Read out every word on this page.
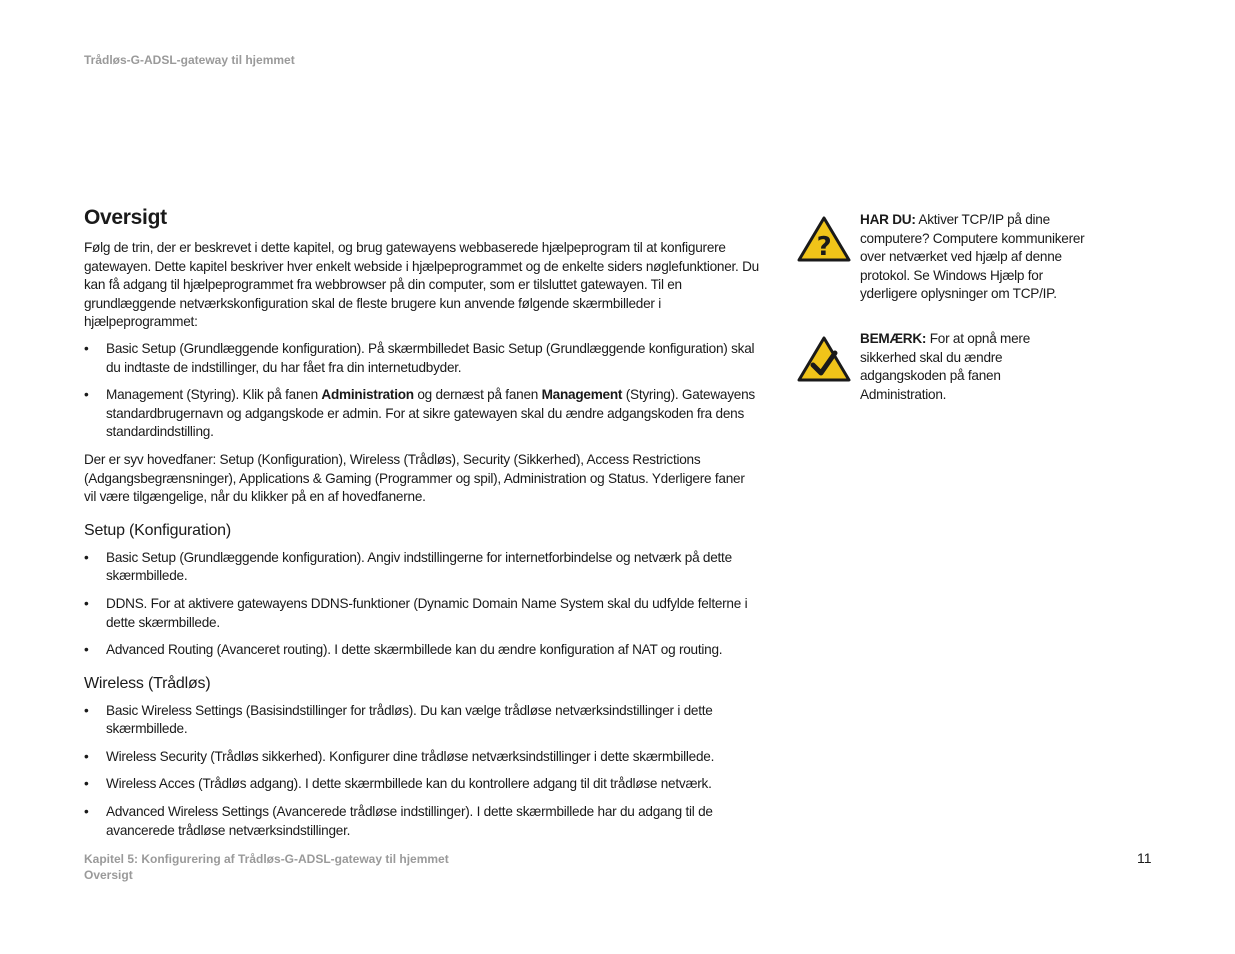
Trådløs-G-ADSL-gateway til hjemmet
Oversigt

Følg de trin, der er beskrevet i dette kapitel, og brug gatewayens webbaserede hjælpeprogram til at konfigurere gatewayen. Dette kapitel beskriver hver enkelt webside i hjælpeprogrammet og de enkelte siders nøglefunktioner. Du kan få adgang til hjælpeprogrammet fra webbrowser på din computer, som er tilsluttet gatewayen. Til en grundlæggende netværkskonfiguration skal de fleste brugere kun anvende følgende skærmbilleder i hjælpeprogrammet:

• Basic Setup (Grundlæggende konfiguration). På skærmbilledet Basic Setup (Grundlæggende konfiguration) skal du indtaste de indstillinger, du har fået fra din internetudbyder.
• Management (Styring). Klik på fanen Administration og dernæst på fanen Management (Styring). Gatewayens standardbrugernavn og adgangskode er admin. For at sikre gatewayen skal du ændre adgangskoden fra dens standardindstilling.

Der er syv hovedfaner: Setup (Konfiguration), Wireless (Trådløs), Security (Sikkerhed), Access Restrictions (Adgangsbegrænsninger), Applications & Gaming (Programmer og spil), Administration og Status. Yderligere faner vil være tilgængelige, når du klikker på en af hovedfanerne.

Setup (Konfiguration)
• Basic Setup (Grundlæggende konfiguration). Angiv indstillingerne for internetforbindelse og netværk på dette skærmbillede.
• DDNS. For at aktivere gatewayens DDNS-funktioner (Dynamic Domain Name System skal du udfylde felterne i dette skærmbillede.
• Advanced Routing (Avanceret routing). I dette skærmbillede kan du ændre konfiguration af NAT og routing.
Wireless (Trådløs)
• Basic Wireless Settings (Basisindstillinger for trådløs). Du kan vælge trådløse netværksindstillinger i dette skærmbillede.
• Wireless Security (Trådløs sikkerhed). Konfigurer dine trådløse netværksindstillinger i dette skærmbillede.
• Wireless Acces (Trådløs adgang). I dette skærmbillede kan du kontrollere adgang til dit trådløse netværk.
• Advanced Wireless Settings (Avancerede trådløse indstillinger). I dette skærmbillede har du adgang til de avancerede trådløse netværksindstillinger.
?
HAR DU: Aktiver TCP/IP på dine computere? Computere kommunikerer over netværket ved hjælp af denne protokol. Se Windows Hjælp for yderligere oplysninger om TCP/IP.
BEMÆRK: For at opnå mere sikkerhed skal du ændre adgangskoden på fanen Administration.
Kapitel 5: Konfigurering af Trådløs-G-ADSL-gateway til hjemmet
Oversigt
11
